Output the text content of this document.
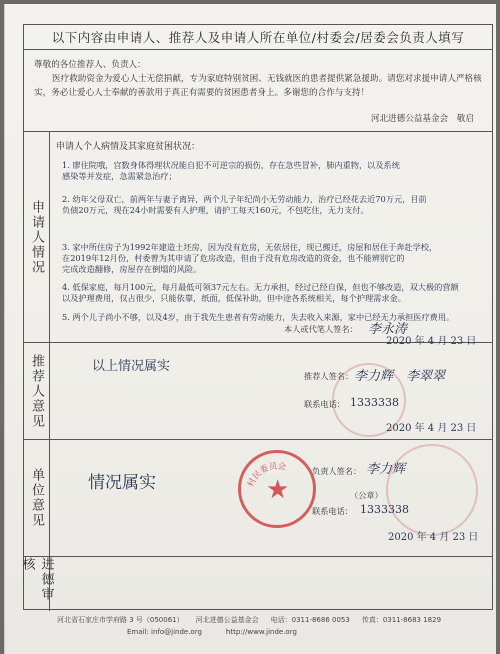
以下内容由申请人、推荐人及申请人所在单位/村委会/居委会负责人填写
尊敬的各位推荐人、负责人：
医疗救助资金为爱心人士无偿捐献，专为家庭特别贫困、无钱就医的患者提供紧急援助。请您对求援申请人严格核实，务必让爱心人士奉献的善款用于真正有需要的贫困患者身上。多谢您的合作与支持！
河北进德公益基金会　敬启
申请人情况
申请人个人病情及其家庭贫困状况：
1. 廖住院哦，宫数身体得理状况能自犯不可逆宗的损伤，存在急些冒补，肺内重物，以及系统
感染等并发症，急需紧急治疗；
2. 幼年父母双亡，前两年与妻子离异，两个儿子年纪尚小无劳动能力，治疗已经花去近70万元，目前
负债20万元，现在24小时需要有人护理，请护工每天160元，不包吃住，无力支付。
3. 家中所住房子为1992年建造土坯房，因为没有危房，无依居住，现已搬迁，房屋和居住于奔赴学校，
在2019年12月份，村委曾为其申请了危房改造，但由于没有危房改造的资金，也不能辨别它的
完成改造翻修，房屋存在倒塌的风险。
4. 低保家庭，每月100元，每月最低可领37元左右。无力承担，经过已经自保，但也不够改造，双大极的营额
以及护理费用，仅占很少，只能依靠，纸面，低保补助，但中途各系统相关，每个护理需求金。
5. 两个儿子尚小不够，以及4岁，由于我先生患者有劳动能力，失去收入来源，家中已经无力承担医疗费用。
本人或代笔人签名： 李永涛
2020 年 4 月 23 日
推荐人意见	以上情况属实
推荐人签名： 李力辉　李翠翠
联系电话： 1333338
2020 年 4 月 23 日
单位意见	情况属实	村民委员会
★
负责人签名： 李力辉
（公章）
联系电话： 1333338
2020 年 4 月 23 日
进德审核
河北省石家庄市学府路 3 号（050061） 河北进德公益基金会 电话：0311-8686 0053 传真：0311-8683 1829
Email: info@jinde.org	http://www.jinde.org
